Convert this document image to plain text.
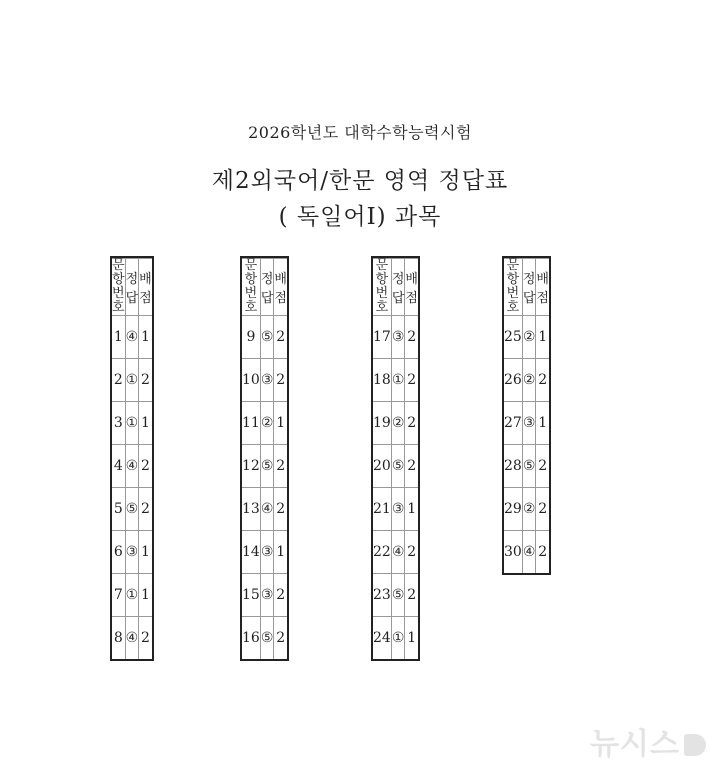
2026학년도 대학수학능력시험
제2외국어/한문 영역 정답표
( 독일어Ⅰ) 과목
문항
번호	정 답	배 점
1	④	1
2	①	2
3	①	1
4	④	2
5	⑤	2
6	③	1
7	①	1
8	④	2
문항
번호	정 답	배 점
9	⑤	2
10	③	2
11	②	1
12	⑤	2
13	④	2
14	③	1
15	③	2
16	⑤	2
문항
번호	정 답	배 점
17	③	2
18	①	2
19	②	2
20	⑤	2
21	③	1
22	④	2
23	⑤	2
24	①	1
문항
번호	정 답	배 점
25	②	1
26	②	2
27	③	1
28	⑤	2
29	②	2
30	④	2
뉴시스
